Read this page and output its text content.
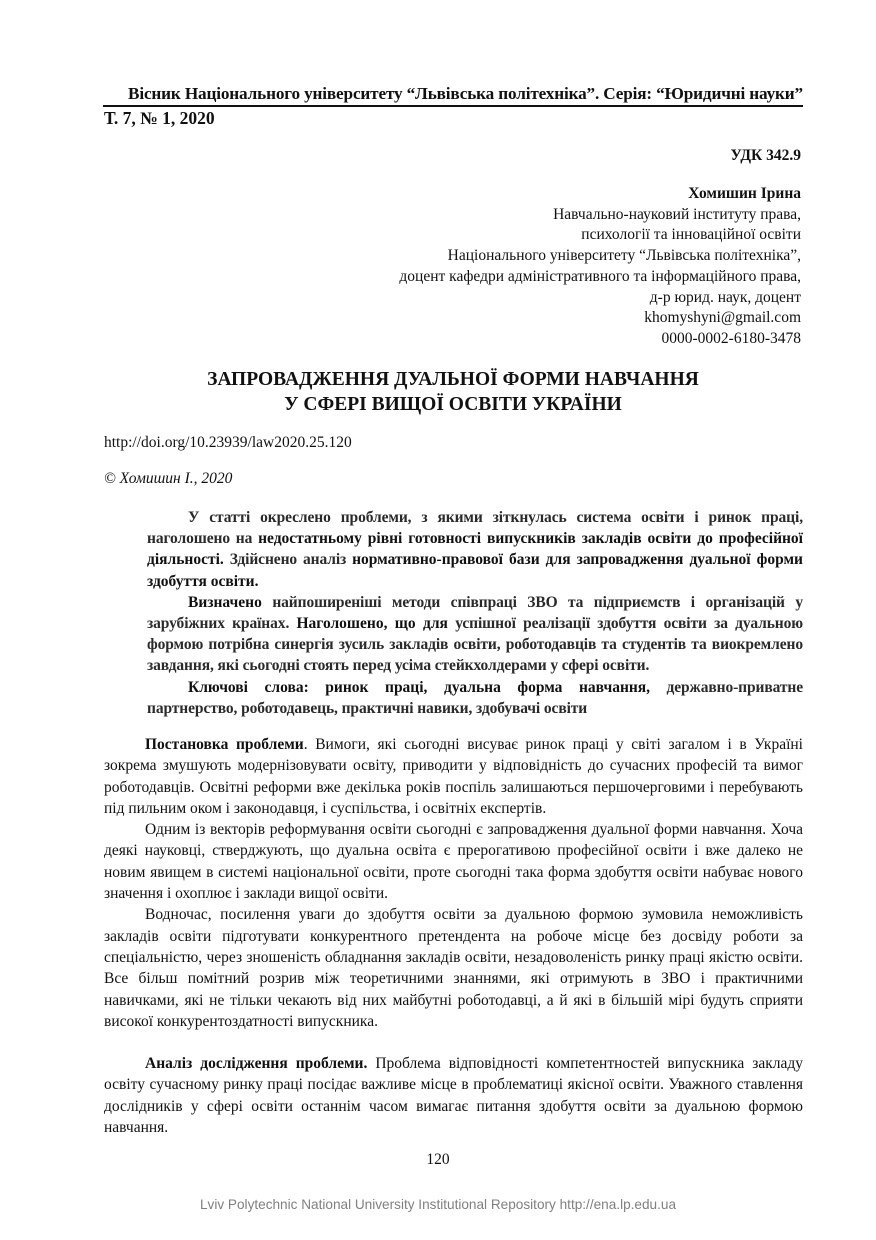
Вісник Національного університету “Львівська політехніка”. Серія: “Юридичні науки”
Т. 7, № 1, 2020
УДК 342.9
Хомишин Ірина
Навчально-науковий інституту права,
психології та інноваційної освіти
Національного університету “Львівська політехніка”,
доцент кафедри адміністративного та інформаційного права,
д-р юрид. наук, доцент
khomyshyni@gmail.com
0000-0002-6180-3478
ЗАПРОВАДЖЕННЯ ДУАЛЬНОЇ ФОРМИ НАВЧАННЯ
У СФЕРІ ВИЩОЇ ОСВІТИ УКРАЇНИ
http://doi.org/10.23939/law2020.25.120
© Хомишин І., 2020

У статті окреслено проблеми, з якими зіткнулась система освіти і ринок праці, наголошено на недостатньому рівні готовності випускників закладів освіти до професійної діяльності. Здійснено аналіз нормативно-правової бази для запровадження дуальної форми здобуття освіти.

Визначено найпоширеніші методи співпраці ЗВО та підприємств і організацій у зарубіжних країнах. Наголошено, що для успішної реалізації здобуття освіти за дуальною формою потрібна синергія зусиль закладів освіти, роботодавців та студентів та виокремлено завдання, які сьогодні стоять перед усіма стейкхолдерами у сфері освіти.

Ключові слова: ринок праці, дуальна форма навчання, державно-приватне партнерство, роботодавець, практичні навики, здобувачі освіти

Постановка проблеми. Вимоги, які сьогодні висуває ринок праці у світі загалом і в Україні зокрема змушують модернізовувати освіту, приводити у відповідність до сучасних професій та вимог роботодавців. Освітні реформи вже декілька років поспіль залишаються першочерговими і перебувають під пильним оком і законодавця, і суспільства, і освітніх експертів.

Одним із векторів реформування освіти сьогодні є запровадження дуальної форми навчання. Хоча деякі науковці, стверджують, що дуальна освіта є прерогативою професійної освіти і вже далеко не новим явищем в системі національної освіти, проте сьогодні така форма здобуття освіти набуває нового значення і охоплює і заклади вищої освіти.

Водночас, посилення уваги до здобуття освіти за дуальною формою зумовила неможливість закладів освіти підготувати конкурентного претендента на робоче місце без досвіду роботи за спеціальністю, через зношеність обладнання закладів освіти, незадоволеність ринку праці якістю освіти. Все більш помітний розрив між теоретичними знаннями, які отримують в ЗВО і практичними навичками, які не тільки чекають від них майбутні роботодавці, а й які в більшій мірі будуть сприяти високої конкурентоздатності випускника.

Аналіз дослідження проблеми. Проблема відповідності компетентностей випускника закладу освіту сучасному ринку праці посідає важливе місце в проблематиці якісної освіти. Уважного ставлення дослідників у сфері освіти останнім часом вимагає питання здобуття освіти за дуальною формою навчання.

120
Lviv Polytechnic National University Institutional Repository http://ena.lp.edu.ua
